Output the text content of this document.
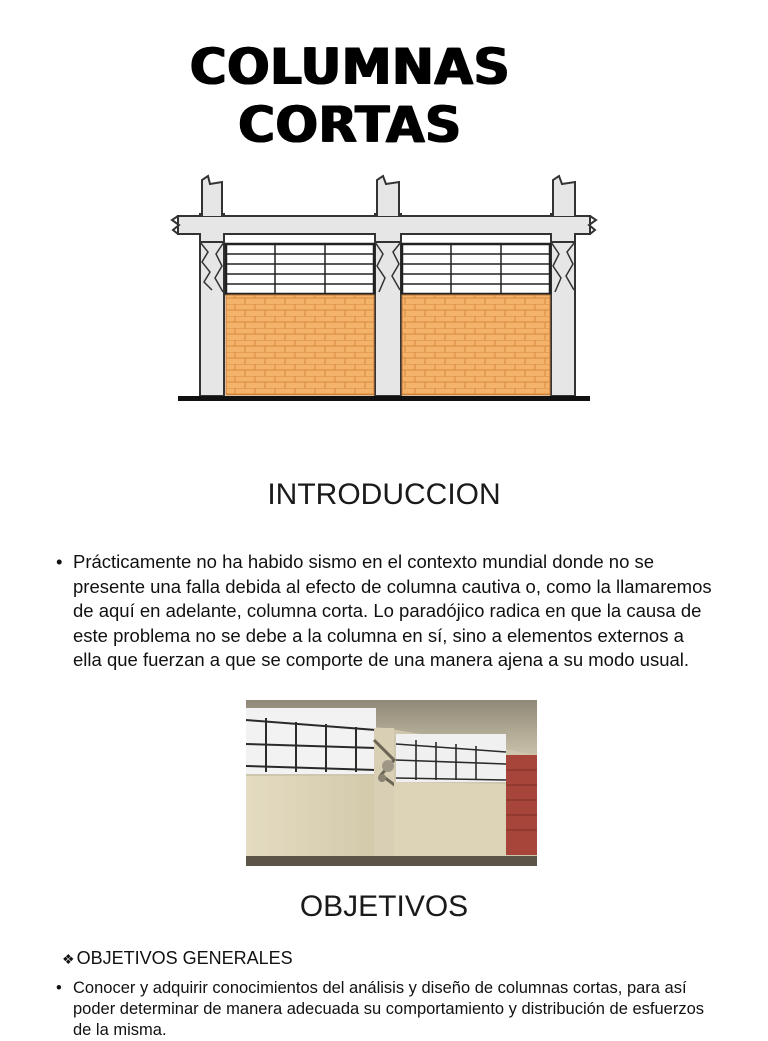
COLUMNAS
CORTAS
INTRODUCCION
• Prácticamente no ha habido sismo en el contexto mundial donde no se presente una falla debida al efecto de columna cautiva o, como la llamaremos de aquí en adelante, columna corta. Lo paradójico radica en que la causa de este problema no se debe a la columna en sí, sino a elementos externos a ella que fuerzan a que se comporte de una manera ajena a su modo usual.
OBJETIVOS
❖ OBJETIVOS GENERALES
• Conocer y adquirir conocimientos del análisis y diseño de columnas cortas, para así poder determinar de manera adecuada su comportamiento y distribución de esfuerzos de la misma.
